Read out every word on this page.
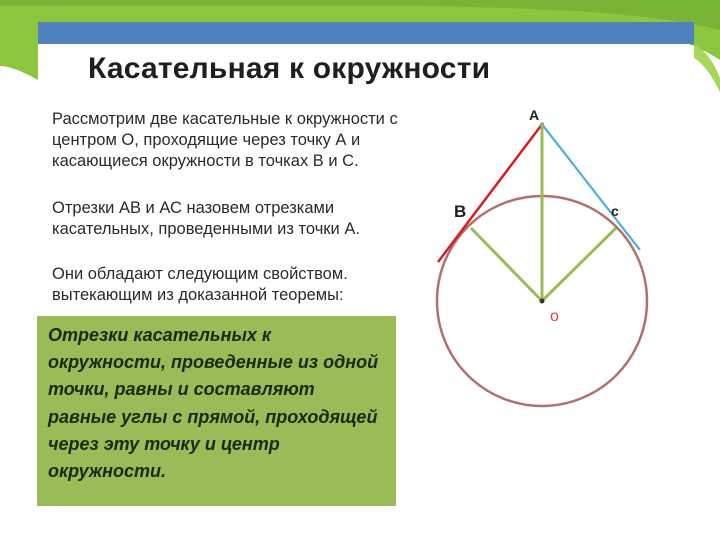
Касательная к окружности

Рассмотрим две касательные к окружности с центром О, проходящие через точку А и касающиеся окружности в точках В и С.

Отрезки АВ и АС назовем отрезками касательных, проведенными из точки А.

Они обладают следующим свойством. вытекающим из доказанной теоремы:

Отрезки касательных к окружности, проведенные из одной точки, равны и составляют равные углы с прямой, проходящей через эту точку и центр окружности.

А
В	с
о
